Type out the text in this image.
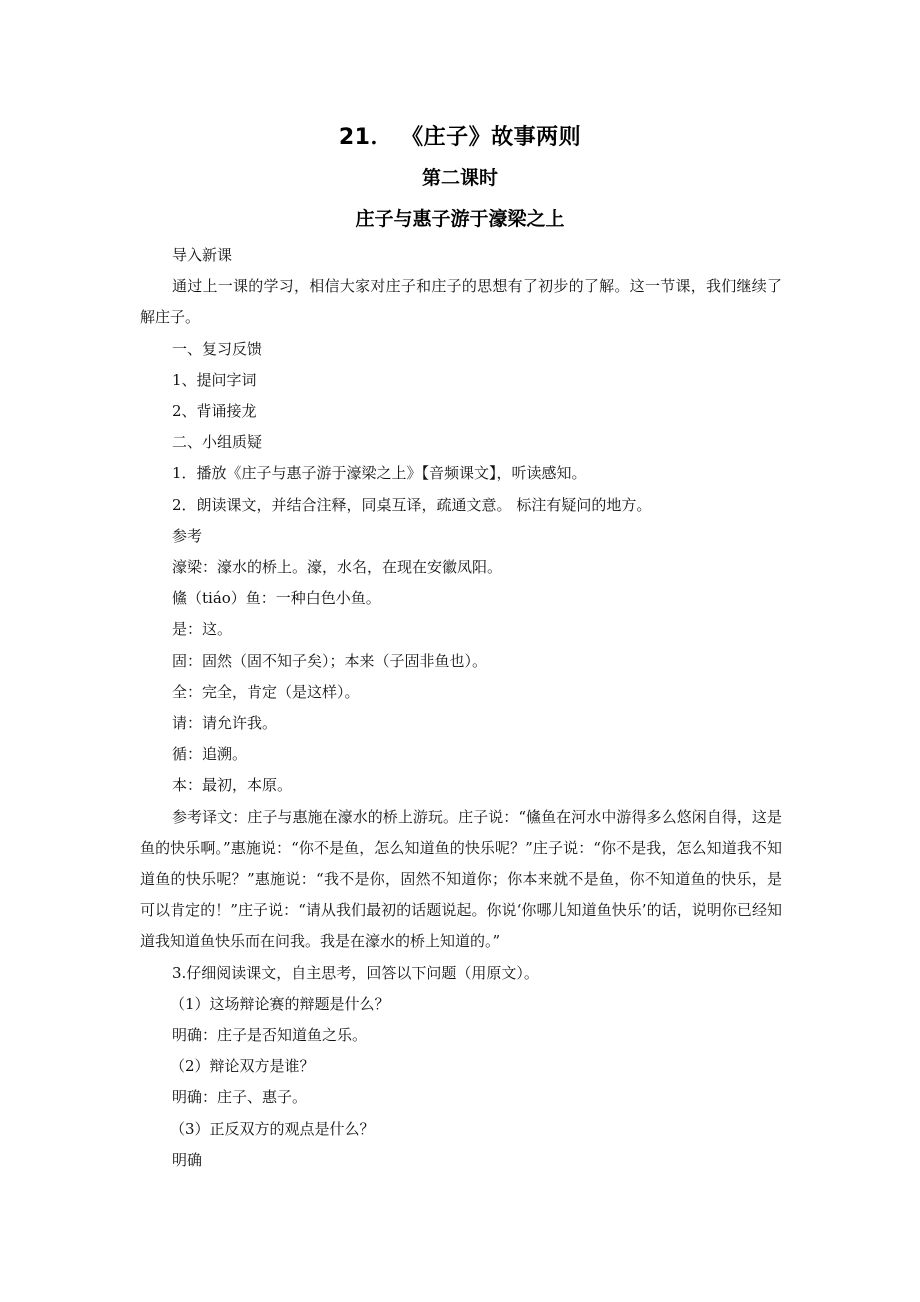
21． 《庄子》故事两则
第二课时
庄子与惠子游于濠梁之上

导入新课

通过上一课的学习，相信大家对庄子和庄子的思想有了初步的了解。这一节课，我们继续了解庄子。

一、复习反馈

1、提问字词

2、背诵接龙

二、小组质疑

1．播放《庄子与惠子游于濠梁之上》【音频课文】，听读感知。

2．朗读课文，并结合注释，同桌互译，疏通文意。 标注有疑问的地方。

参考

濠梁：濠水的桥上。濠，水名，在现在安徽凤阳。

鯈（tiáo）鱼：一种白色小鱼。

是：这。

固：固然（固不知子矣）；本来（子固非鱼也）。

全：完全，肯定（是这样）。

请：请允许我。

循：追溯。

本：最初，本原。

参考译文：庄子与惠施在濠水的桥上游玩。庄子说：“鯈鱼在河水中游得多么悠闲自得，这是鱼的快乐啊。”惠施说：“你不是鱼，怎么知道鱼的快乐呢？”庄子说：“你不是我，怎么知道我不知道鱼的快乐呢？”惠施说：“我不是你，固然不知道你；你本来就不是鱼，你不知道鱼的快乐，是可以肯定的！”庄子说：“请从我们最初的话题说起。你说‘你哪儿知道鱼快乐’的话，说明你已经知道我知道鱼快乐而在问我。我是在濠水的桥上知道的。”

3.仔细阅读课文，自主思考，回答以下问题（用原文）。

（1）这场辩论赛的辩题是什么？

明确：庄子是否知道鱼之乐。

（2）辩论双方是谁？

明确：庄子、惠子。

（3）正反双方的观点是什么？

明确
